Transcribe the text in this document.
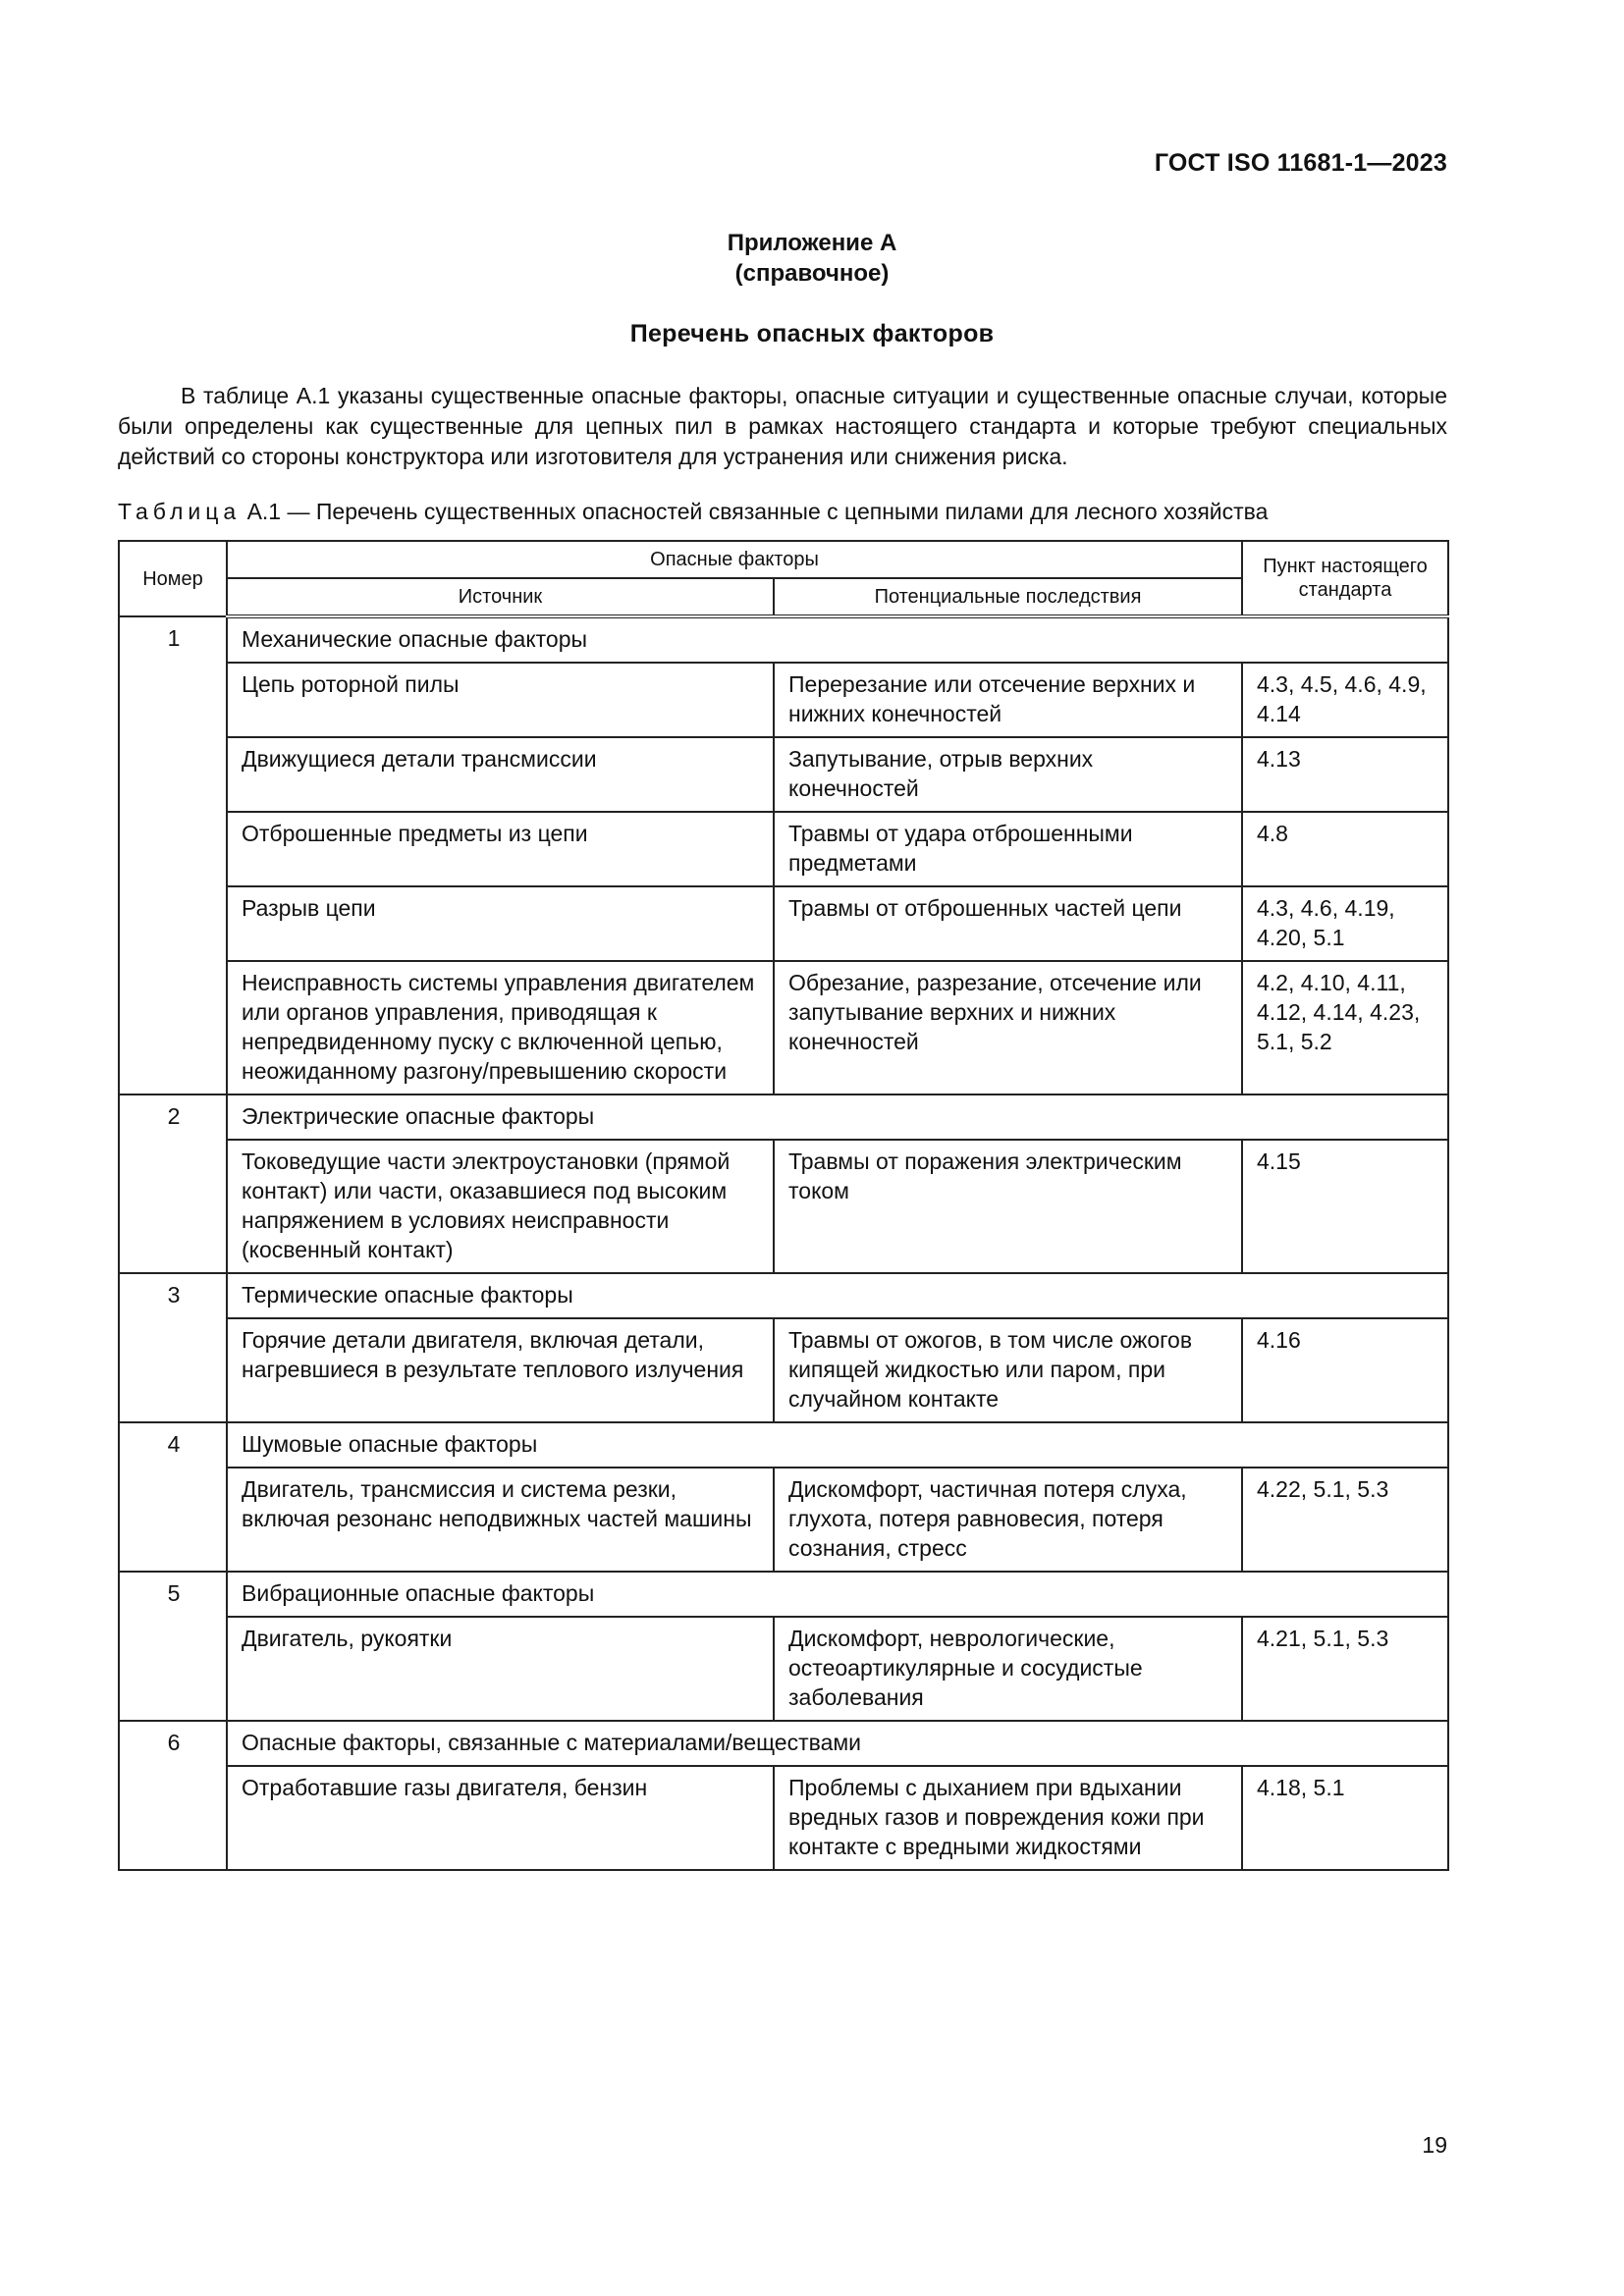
ГОСТ ISO 11681-1—2023
Приложение А
(справочное)
Перечень опасных факторов

В таблице А.1 указаны существенные опасные факторы, опасные ситуации и существенные опасные случаи, которые были определены как существенные для цепных пил в рамках настоящего стандарта и которые требуют специальных действий со стороны конструктора или изготовителя для устранения или снижения риска.

Таблица А.1 — Перечень существенных опасностей связанные с цепными пилами для лесного хозяйства
Номер	Опасные факторы		Пункт настоящего стандарта
	Источник	Потенциальные последствия	
1	Механические опасные факторы		
	Цепь роторной пилы	Перерезание или отсечение верхних и нижних конечностей	4.3, 4.5, 4.6, 4.9, 4.14
	Движущиеся детали трансмиссии	Запутывание, отрыв верхних конечностей	4.13
	Отброшенные предметы из цепи	Травмы от удара отброшенными предметами	4.8
	Разрыв цепи	Травмы от отброшенных частей цепи	4.3, 4.6, 4.19, 4.20, 5.1
	Неисправность системы управления двигателем или органов управления, приводящая к непредвиденному пуску с включенной цепью, неожиданному разгону/превышению скорости	Обрезание, разрезание, отсечение или запутывание верхних и нижних конечностей	4.2, 4.10, 4.11, 4.12, 4.14, 4.23, 5.1, 5.2
2	Электрические опасные факторы		
	Токоведущие части электроустановки (прямой контакт) или части, оказавшиеся под высоким напряжением в условиях неисправности (косвенный контакт)	Травмы от поражения электрическим током	4.15
3	Термические опасные факторы		
	Горячие детали двигателя, включая детали, нагревшиеся в результате теплового излучения	Травмы от ожогов, в том числе ожогов кипящей жидкостью или паром, при случайном контакте	4.16
4	Шумовые опасные факторы		
	Двигатель, трансмиссия и система резки, включая резонанс неподвижных частей машины	Дискомфорт, частичная потеря слуха, глухота, потеря равновесия, потеря сознания, стресс	4.22, 5.1, 5.3
5	Вибрационные опасные факторы		
	Двигатель, рукоятки	Дискомфорт, неврологические, остеоартикулярные и сосудистые заболевания	4.21, 5.1, 5.3
6	Опасные факторы, связанные с материалами/веществами		
	Отработавшие газы двигателя, бензин	Проблемы с дыханием при вдыхании вредных газов и повреждения кожи при контакте с вредными жидкостями	4.18, 5.1
19
